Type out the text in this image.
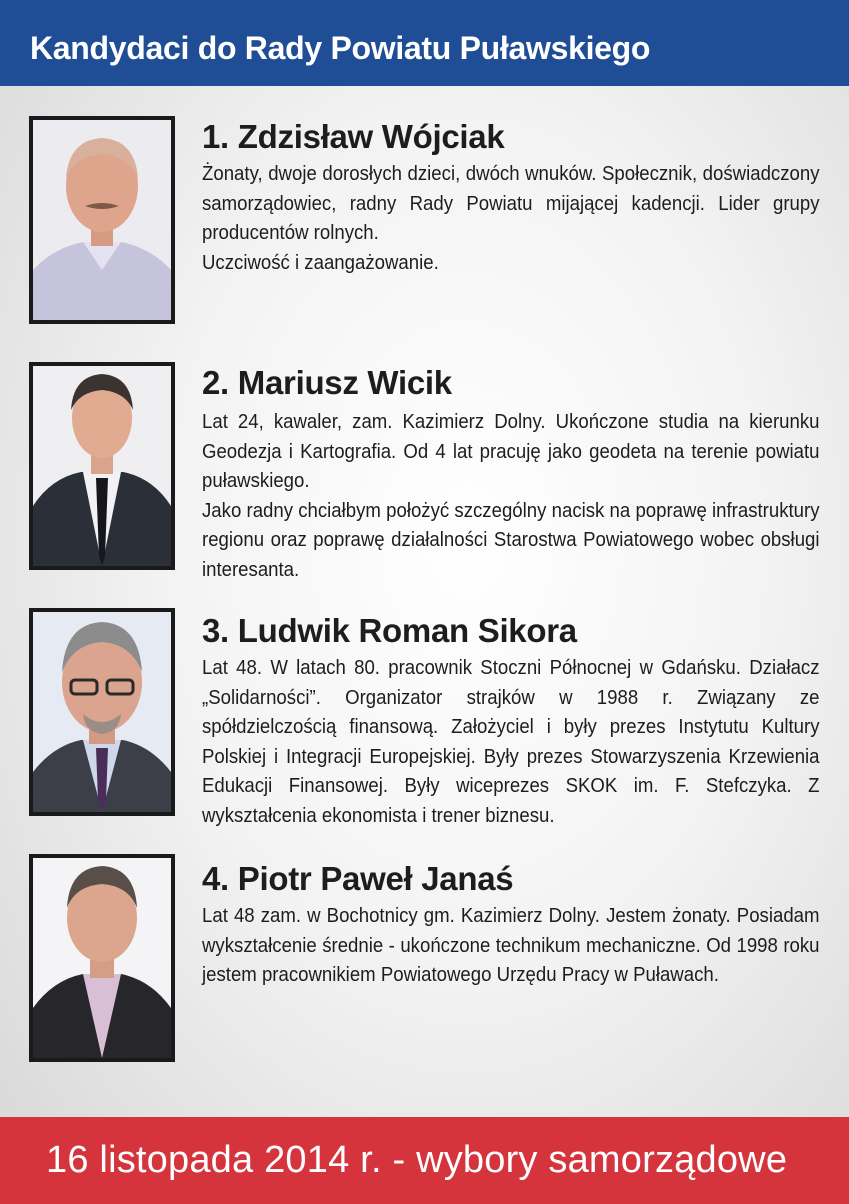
Kandydaci do Rady Powiatu Puławskiego
1. Zdzisław Wójciak

Żonaty, dwoje dorosłych dzieci, dwóch wnuków. Społecznik, doświadczony samorządowiec, radny Rady Powiatu mijającej kadencji. Lider grupy producentów rolnych.

Uczciwość i zaangażowanie.

2. Mariusz Wicik

Lat 24, kawaler, zam. Kazimierz Dolny. Ukończone studia na kierunku Geodezja i Kartografia. Od 4 lat pracuję jako geodeta na terenie powiatu puławskiego.

Jako radny chciałbym położyć szczególny nacisk na poprawę infrastruktury regionu oraz poprawę działalności Starostwa Powiatowego wobec obsługi interesanta.

3. Ludwik Roman Sikora

Lat 48. W latach 80. pracownik Stoczni Północnej w Gdańsku. Działacz „Solidarności”. Organizator strajków w 1988 r. Związany ze spółdzielczością finansową. Założyciel i były prezes Instytutu Kultury Polskiej i Integracji Europejskiej. Były prezes Stowarzyszenia Krzewienia Edukacji Finansowej. Były wiceprezes SKOK im. F. Stefczyka. Z wykształcenia ekonomista i trener biznesu.

4. Piotr Paweł Janaś

Lat 48 zam. w Bochotnicy gm. Kazimierz Dolny. Jestem żonaty. Posiadam wykształcenie średnie - ukończone technikum mechaniczne. Od 1998 roku jestem pracownikiem Powiatowego Urzędu Pracy w Puławach.

16 listopada 2014 r. - wybory samorządowe
